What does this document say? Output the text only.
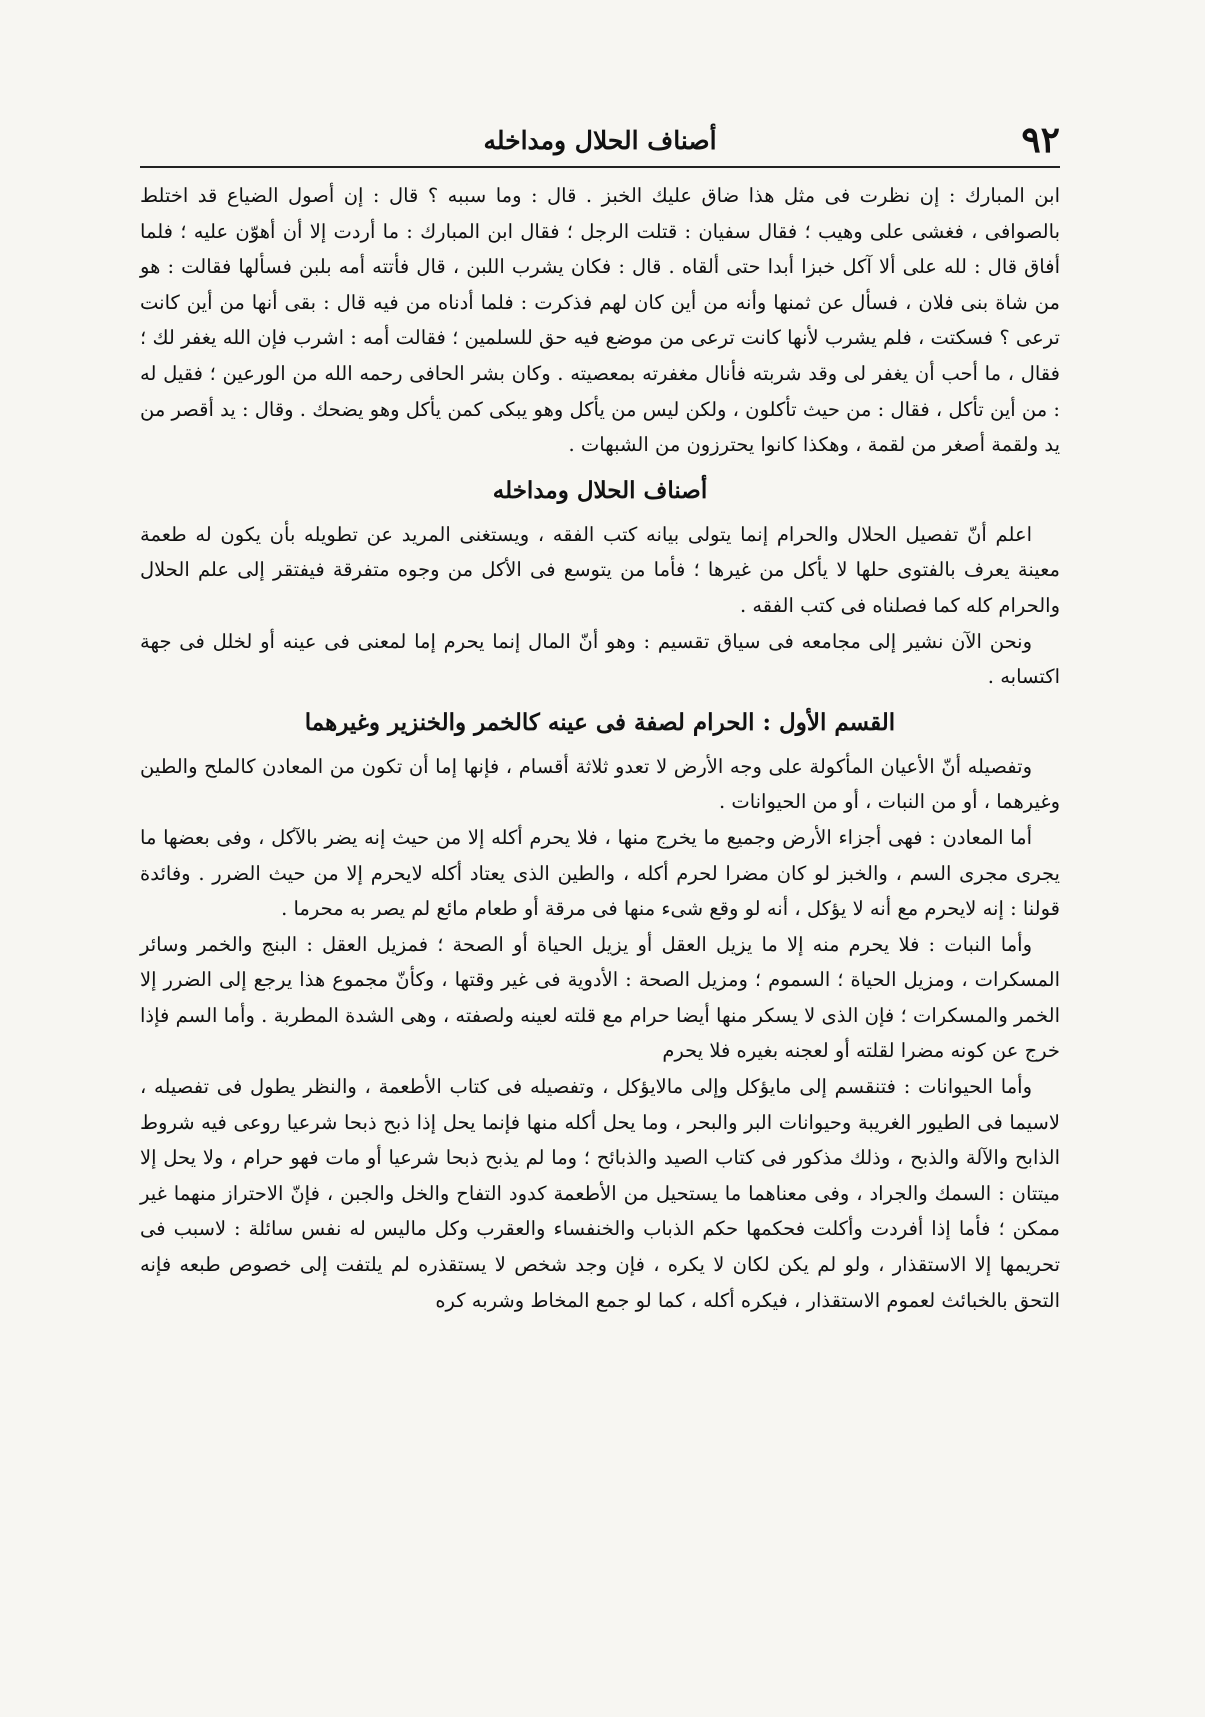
٩٢
أصناف الحلال ومداخله

ابن المبارك : إن نظرت فى مثل هذا ضاق عليك الخبز . قال : وما سببه ؟ قال : إن أصول الضياع قد اختلط بالصوافى ، فغشى على وهيب ؛ فقال سفيان : قتلت الرجل ؛ فقال ابن المبارك : ما أردت إلا أن أهوّن عليه ؛ فلما أفاق قال : لله على ألا آكل خبزا أبدا حتى ألقاه . قال : فكان يشرب اللبن ، قال فأتته أمه بلبن فسألها فقالت : هو من شاة بنى فلان ، فسأل عن ثمنها وأنه من أين كان لهم فذكرت : فلما أدناه من فيه قال : بقى أنها من أين كانت ترعى ؟ فسكتت ، فلم يشرب لأنها كانت ترعى من موضع فيه حق للسلمين ؛ فقالت أمه : اشرب فإن الله يغفر لك ؛ فقال ، ما أحب أن يغفر لى وقد شربته فأنال مغفرته بمعصيته . وكان بشر الحافى رحمه الله من الورعين ؛ فقيل له : من أين تأكل ، فقال : من حيث تأكلون ، ولكن ليس من يأكل وهو يبكى كمن يأكل وهو يضحك . وقال : يد أقصر من يد ولقمة أصغر من لقمة ، وهكذا كانوا يحترزون من الشبهات .

أصناف الحلال ومداخله

اعلم أنّ تفصيل الحلال والحرام إنما يتولى بيانه كتب الفقه ، ويستغنى المريد عن تطويله بأن يكون له طعمة معينة يعرف بالفتوى حلها لا يأكل من غيرها ؛ فأما من يتوسع فى الأكل من وجوه متفرقة فيفتقر إلى علم الحلال والحرام كله كما فصلناه فى كتب الفقه .

ونحن الآن نشير إلى مجامعه فى سياق تقسيم : وهو أنّ المال إنما يحرم إما لمعنى فى عينه أو لخلل فى جهة اكتسابه .

القسم الأول : الحرام لصفة فى عينه كالخمر والخنزير وغيرهما

وتفصيله أنّ الأعيان المأكولة على وجه الأرض لا تعدو ثلاثة أقسام ، فإنها إما أن تكون من المعادن كالملح والطين وغيرهما ، أو من النبات ، أو من الحيوانات .

أما المعادن : فهى أجزاء الأرض وجميع ما يخرج منها ، فلا يحرم أكله إلا من حيث إنه يضر بالآكل ، وفى بعضها ما يجرى مجرى السم ، والخبز لو كان مضرا لحرم أكله ، والطين الذى يعتاد أكله لايحرم إلا من حيث الضرر . وفائدة قولنا : إنه لايحرم مع أنه لا يؤكل ، أنه لو وقع شىء منها فى مرقة أو طعام مائع لم يصر به محرما .

وأما النبات : فلا يحرم منه إلا ما يزيل العقل أو يزيل الحياة أو الصحة ؛ فمزيل العقل : البنج والخمر وسائر المسكرات ، ومزيل الحياة ؛ السموم ؛ ومزيل الصحة : الأدوية فى غير وقتها ، وكأنّ مجموع هذا يرجع إلى الضرر إلا الخمر والمسكرات ؛ فإن الذى لا يسكر منها أيضا حرام مع قلته لعينه ولصفته ، وهى الشدة المطربة . وأما السم فإذا خرج عن كونه مضرا لقلته أو لعجنه بغيره فلا يحرم

وأما الحيوانات : فتنقسم إلى مايؤكل وإلى مالايؤكل ، وتفصيله فى كتاب الأطعمة ، والنظر يطول فى تفصيله ، لاسيما فى الطيور الغريبة وحيوانات البر والبحر ، وما يحل أكله منها فإنما يحل إذا ذبح ذبحا شرعيا روعى فيه شروط الذابح والآلة والذبح ، وذلك مذكور فى كتاب الصيد والذبائح ؛ وما لم يذبح ذبحا شرعيا أو مات فهو حرام ، ولا يحل إلا ميتتان : السمك والجراد ، وفى معناهما ما يستحيل من الأطعمة كدود التفاح والخل والجبن ، فإنّ الاحتراز منهما غير ممكن ؛ فأما إذا أفردت وأكلت فحكمها حكم الذباب والخنفساء والعقرب وكل ماليس له نفس سائلة : لاسبب فى تحريمها إلا الاستقذار ، ولو لم يكن لكان لا يكره ، فإن وجد شخص لا يستقذره لم يلتفت إلى خصوص طبعه فإنه التحق بالخبائث لعموم الاستقذار ، فيكره أكله ، كما لو جمع المخاط وشربه كره
